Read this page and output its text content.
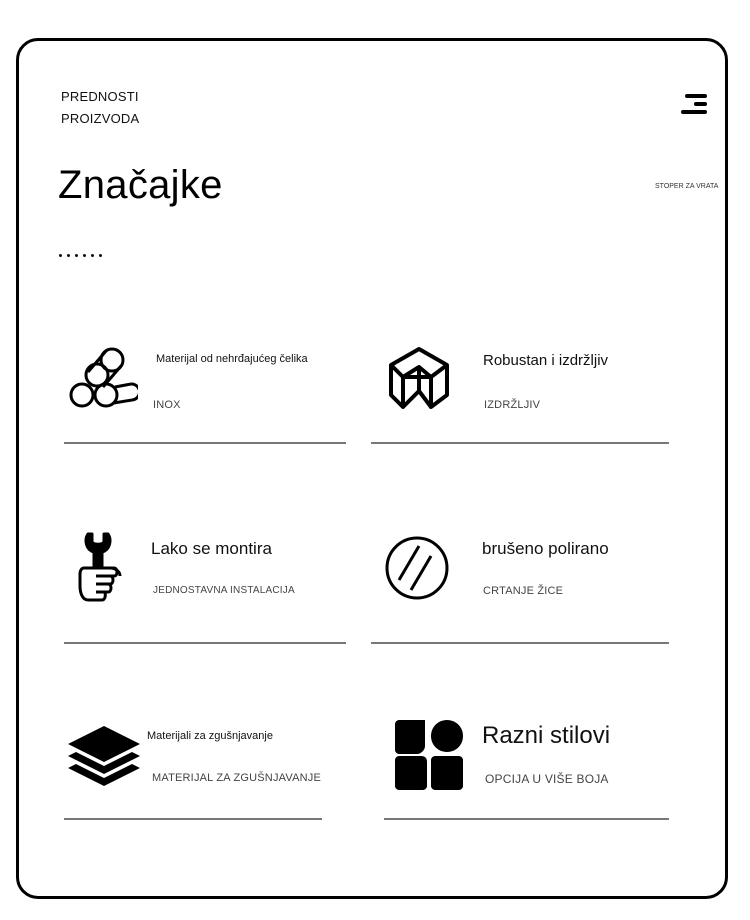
PREDNOSTI
PROIZVODA
Značajke	STOPER ZA VRATA
Materijal od nehrđajućeg čelika
INOX
Robustan i izdržljiv
IZDRŽLJIV
Lako se montira
JEDNOSTAVNA INSTALACIJA
brušeno polirano
CRTANJE ŽICE
Materijali za zgušnjavanje
MATERIJAL ZA ZGUŠNJAVANJE
Razni stilovi
OPCIJA U VIŠE BOJA
